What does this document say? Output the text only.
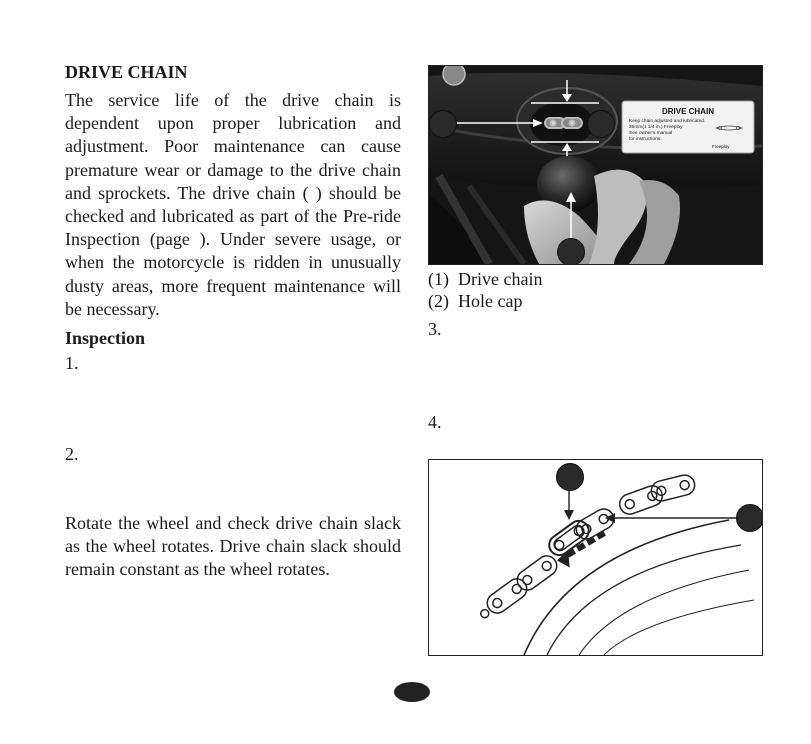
DRIVE CHAIN
The service life of the drive chain is dependent upon proper lubrication and adjustment. Poor maintenance can cause premature wear or damage to the drive chain and sprockets. The drive chain ( ) should be checked and lubricated as part of the Pre-ride Inspection (page ). Under severe usage, or when the motorcycle is ridden in unusually dusty areas, more frequent maintenance will be necessary.
Inspection
1.
2.
Rotate the wheel and check drive chain slack as the wheel rotates. Drive chain slack should remain constant as the wheel rotates.
DRIVE CHAIN
Keep chain adjusted and lubricated.
35mm(1 1/4 in.) Freeplay
See owner's manual
for instructions.
Freeplay
(1)  Drive chain
(2)  Hole cap
3.
4.
